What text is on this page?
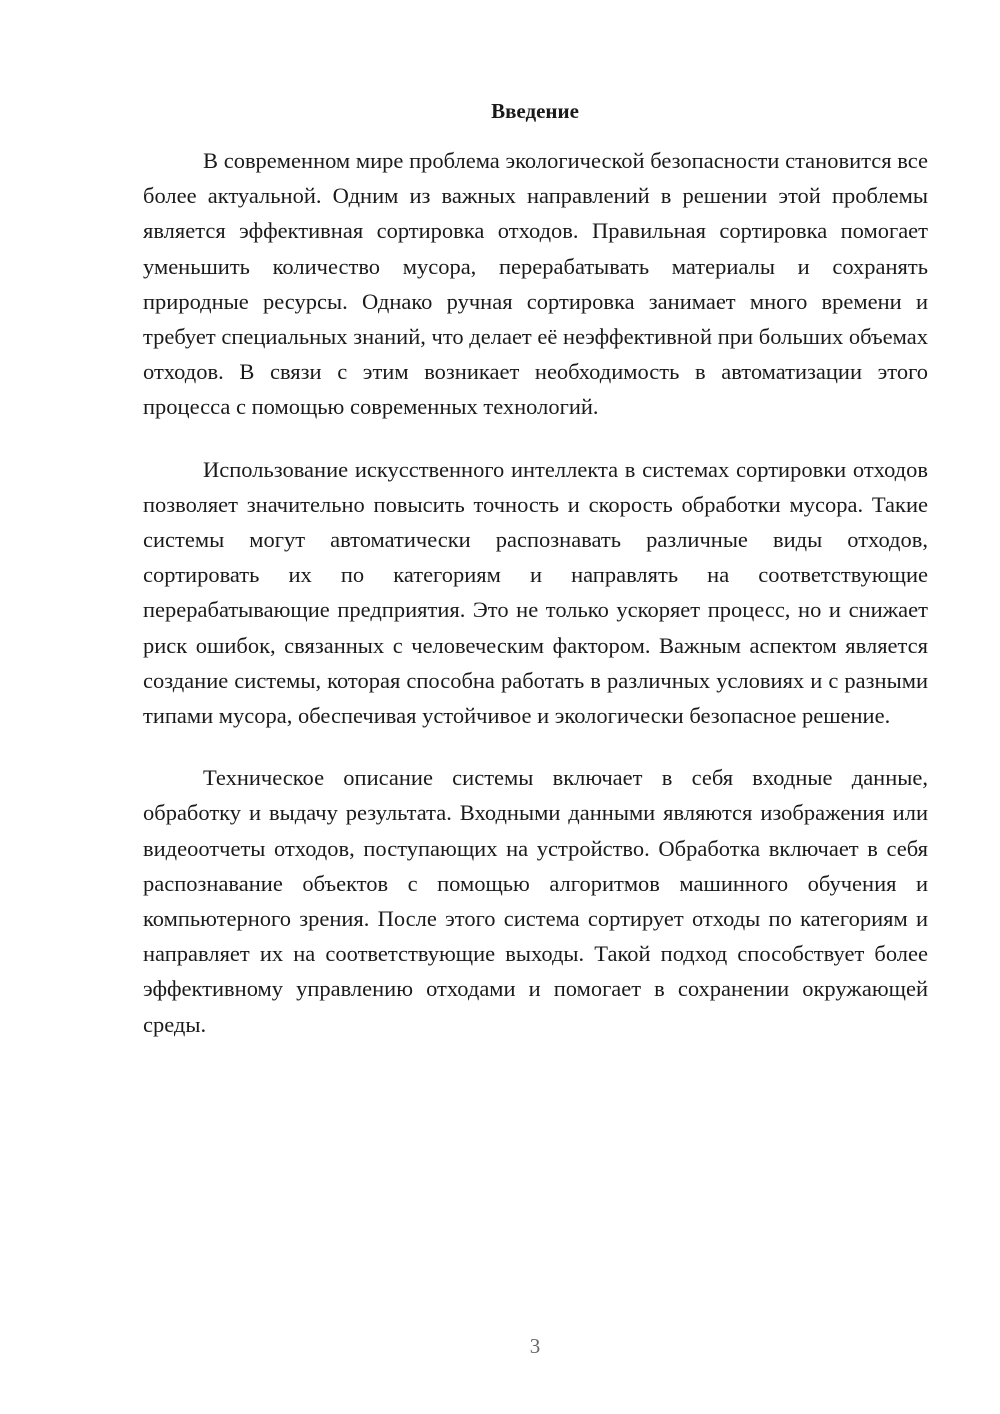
Введение

В современном мире проблема экологической безопасности становится все более актуальной. Одним из важных направлений в решении этой проблемы является эффективная сортировка отходов. Правильная сортировка помогает уменьшить количество мусора, перерабатывать материалы и сохранять природные ресурсы. Однако ручная сортировка занимает много времени и требует специальных знаний, что делает её неэффективной при больших объемах отходов. В связи с этим возникает необходимость в автоматизации этого процесса с помощью современных технологий.

Использование искусственного интеллекта в системах сортировки отходов позволяет значительно повысить точность и скорость обработки мусора. Такие системы могут автоматически распознавать различные виды отходов, сортировать их по категориям и направлять на соответствующие перерабатывающие предприятия. Это не только ускоряет процесс, но и снижает риск ошибок, связанных с человеческим фактором. Важным аспектом является создание системы, которая способна работать в различных условиях и с разными типами мусора, обеспечивая устойчивое и экологически безопасное решение.

Техническое описание системы включает в себя входные данные, обработку и выдачу результата. Входными данными являются изображения или видеоотчеты отходов, поступающих на устройство. Обработка включает в себя распознавание объектов с помощью алгоритмов машинного обучения и компьютерного зрения. После этого система сортирует отходы по категориям и направляет их на соответствующие выходы. Такой подход способствует более эффективному управлению отходами и помогает в сохранении окружающей среды.

3
